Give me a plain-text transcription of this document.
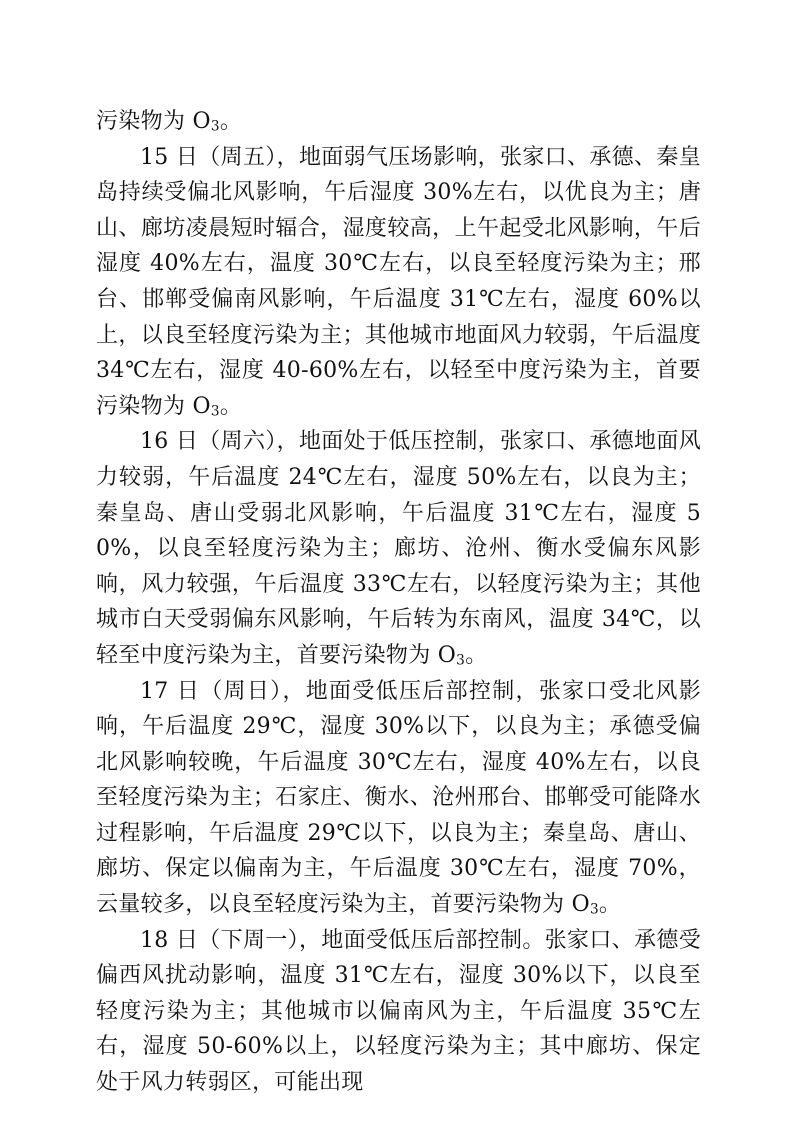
污染物为 $O_3$。

15 日（周五），地面弱气压场影响，张家口、承德、秦皇岛持续受偏北风影响，午后湿度 30%左右，以优良为主；唐山、廊坊凌晨短时辐合，湿度较高，上午起受北风影响，午后湿度 40%左右，温度 30℃左右，以良至轻度污染为主；邢台、邯郸受偏南风影响，午后温度 31℃左右，湿度 60%以上，以良至轻度污染为主；其他城市地面风力较弱，午后温度 34℃左右，湿度 40-60%左右，以轻至中度污染为主，首要污染物为 $O_3$。

16 日（周六），地面处于低压控制，张家口、承德地面风力较弱，午后温度 24℃左右，湿度 50%左右，以良为主；秦皇岛、唐山受弱北风影响，午后温度 31℃左右，湿度 50%，以良至轻度污染为主；廊坊、沧州、衡水受偏东风影响，风力较强，午后温度 33℃左右，以轻度污染为主；其他城市白天受弱偏东风影响，午后转为东南风，温度 34℃，以轻至中度污染为主，首要污染物为 $O_3$。

17 日（周日），地面受低压后部控制，张家口受北风影响，午后温度 29℃，湿度 30%以下，以良为主；承德受偏北风影响较晚，午后温度 30℃左右，湿度 40%左右，以良至轻度污染为主；石家庄、衡水、沧州邢台、邯郸受可能降水过程影响，午后温度 29℃以下，以良为主；秦皇岛、唐山、廊坊、保定以偏南为主，午后温度 30℃左右，湿度 70%，云量较多，以良至轻度污染为主，首要污染物为 $O_3$。

18 日（下周一），地面受低压后部控制。张家口、承德受偏西风扰动影响，温度 31℃左右，湿度 30%以下，以良至轻度污染为主；其他城市以偏南风为主，午后温度 35℃左右，湿度 50-60%以上，以轻度污染为主；其中廊坊、保定处于风力转弱区，可能出现
